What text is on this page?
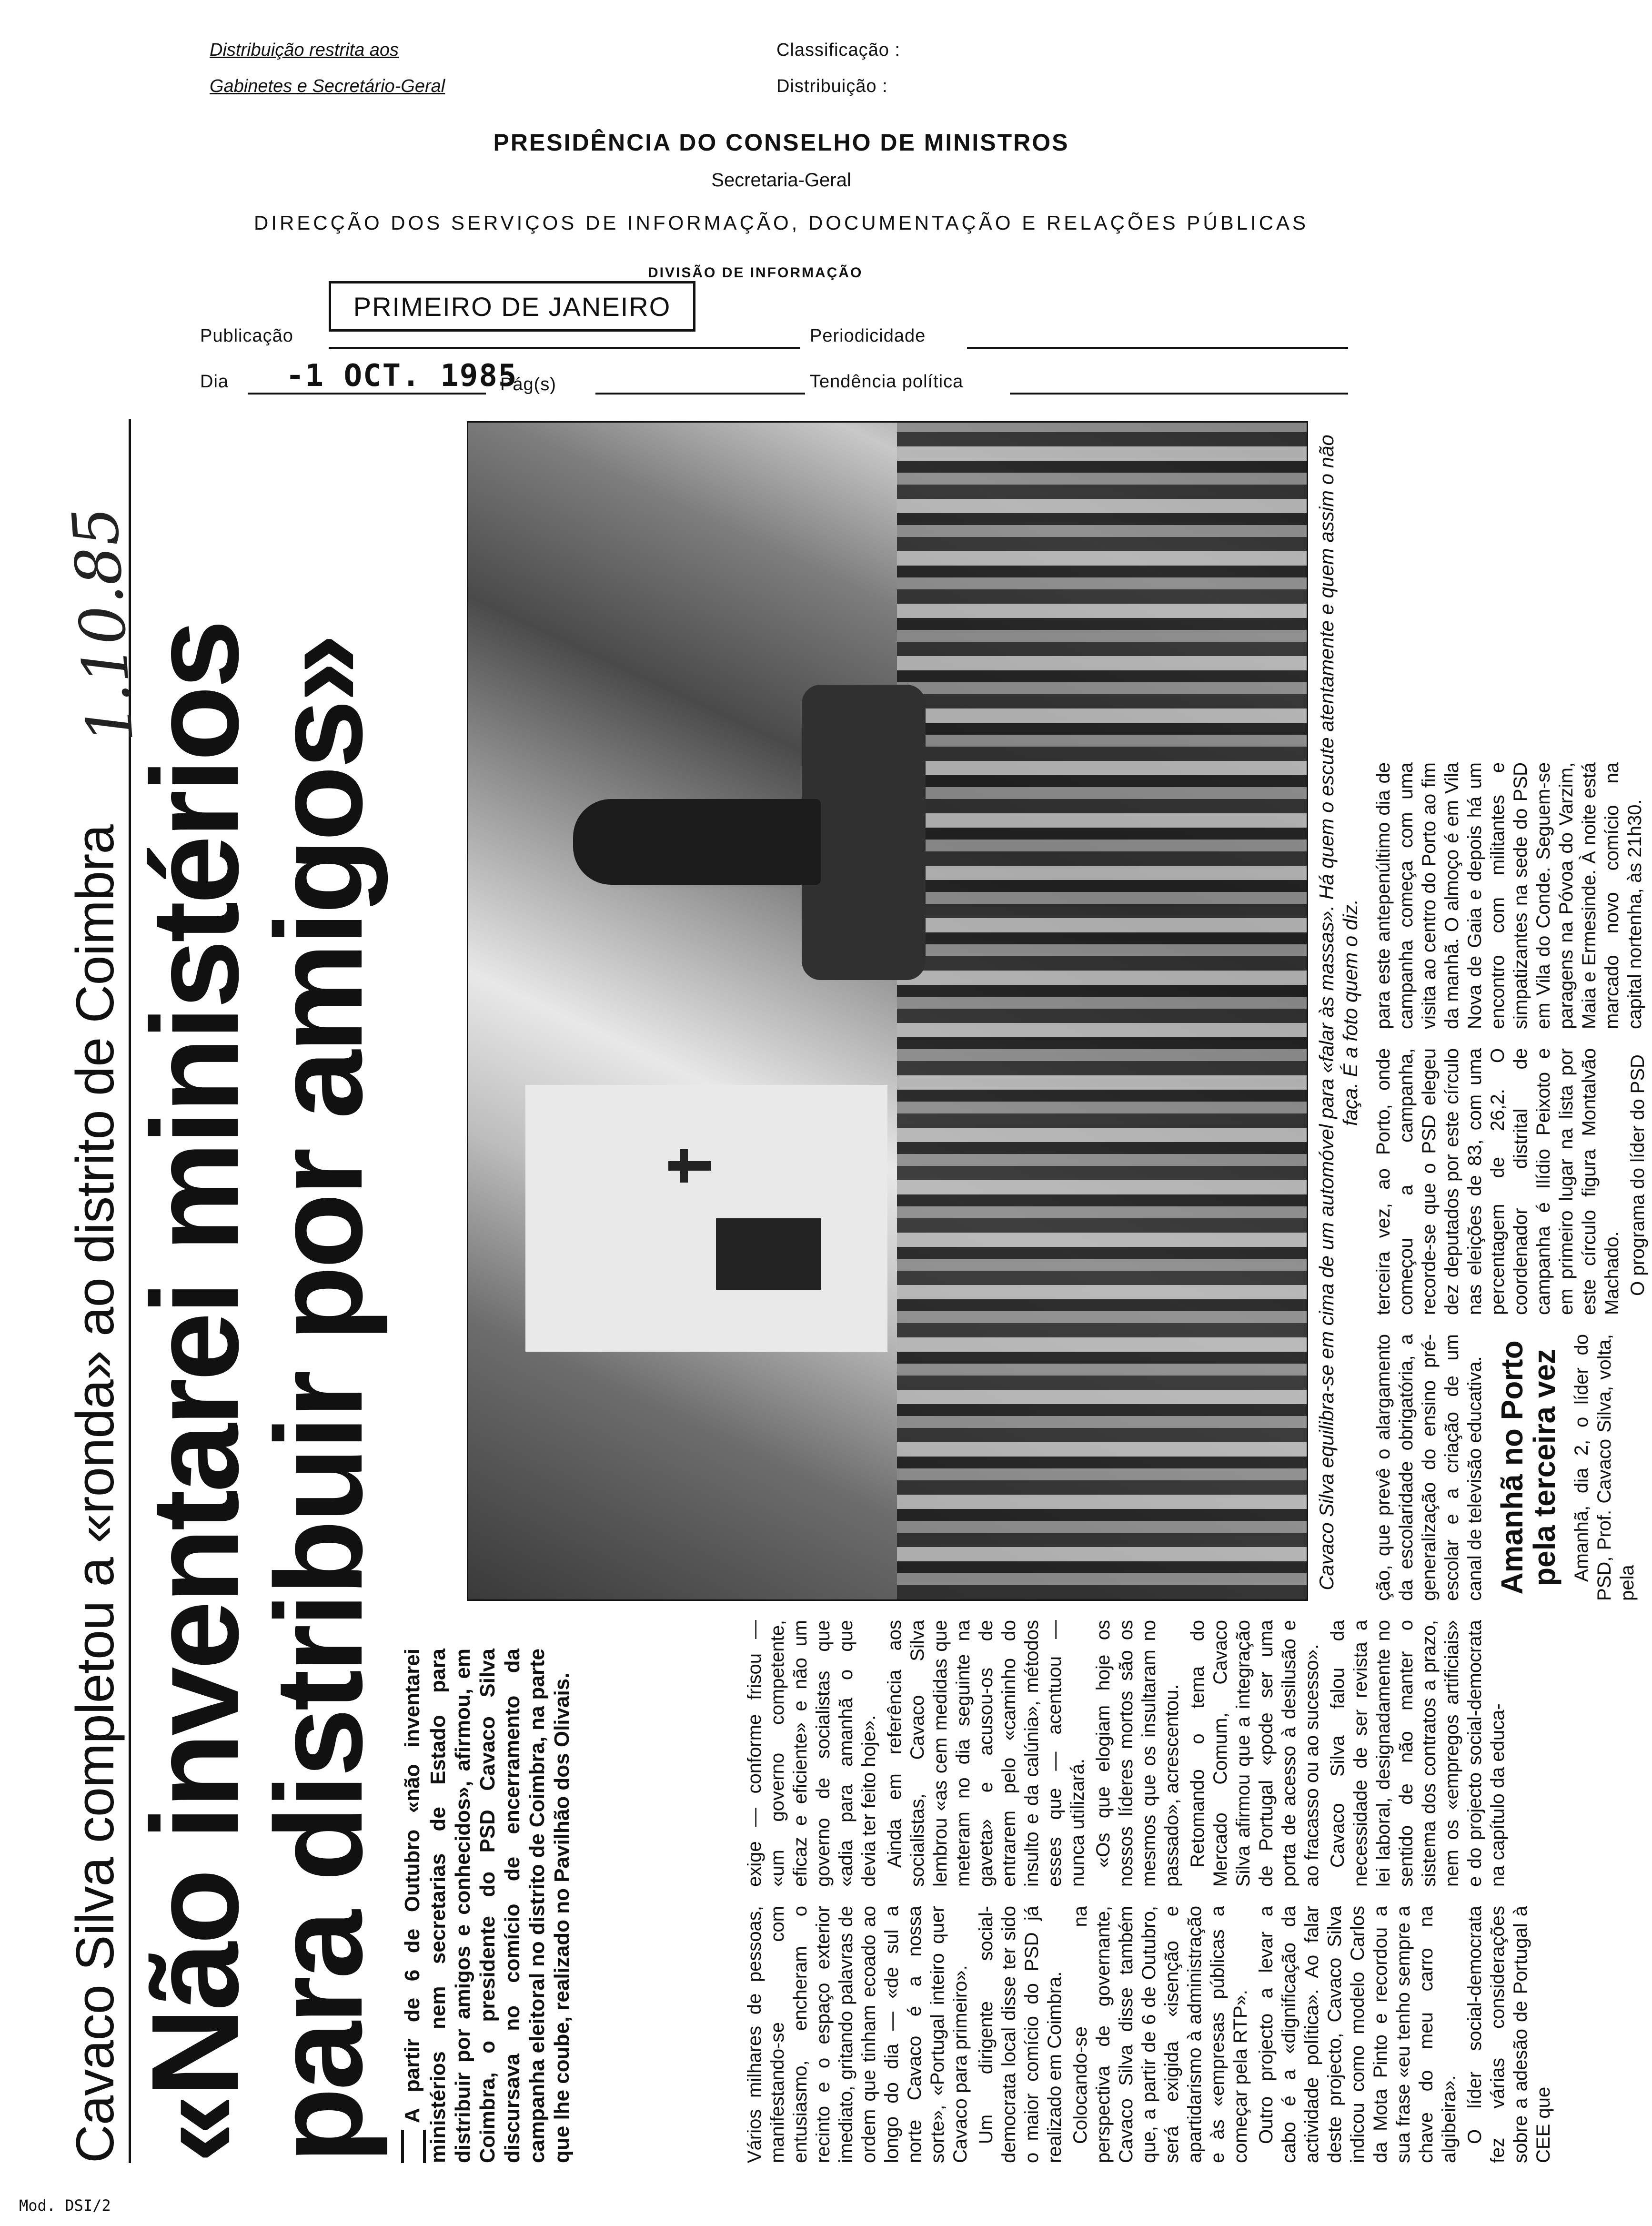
Distribuição restrita aos
Gabinetes e Secretário-Geral
Classificação :
Distribuição :
PRESIDÊNCIA DO CONSELHO DE MINISTROS
Secretaria-Geral
DIRECÇÃO DOS SERVIÇOS DE INFORMAÇÃO, DOCUMENTAÇÃO E RELAÇÕES PÚBLICAS
DIVISÃO DE INFORMAÇÃO
Publicação
PRIMEIRO DE JANEIRO
Periodicidade
Dia -1 OCT. 1985
Pág(s)	Tendência política
Cavaco Silva completou a «ronda» ao distrito de Coimbra
1.10.85
«Não inventarei ministérios
para distribuir por amigos» A partir de 6 de Outubro «não inventarei ministérios nem secretarias de Estado para distribuir por amigos e conhecidos», afirmou, em Coimbra, o presidente do PSD Cavaco Silva discursava no comício de encerramento da campanha eleitoral no distrito de Coimbra, na parte que lhe coube, realizado no Pavilhão dos Olivais.
Cavaco Silva equilibra-se em cima de um automóvel para «falar às massas». Há quem o escute atentamente e quem assim o não faça. É a foto quem o diz.

Vários milhares de pessoas, manifestando-se com entusiasmo, encheram o recinto e o espaço exterior imediato, gritando palavras de ordem que tinham ecoado ao longo do dia — «de sul a norte Cavaco é a nossa sorte», «Portugal inteiro quer Cavaco para primeiro». Um dirigente social-democrata local disse ter sido o maior comício do PSD já realizado em Coimbra. Colocando-se na perspectiva de governante, Cavaco Silva disse também que, a partir de 6 de Outubro, será exigida «isenção e apartidarismo à administração e às «empresas públicas a começar pela RTP». Outro projecto a levar a cabo é a «dignificação da actividade política». Ao falar deste projecto, Cavaco Silva indicou como modelo Carlos da Mota Pinto e recordou a sua frase «eu tenho sempre a chave do meu carro na algibeira». O líder social-democrata fez várias considerações sobre a adesão de Portugal à CEE que

exige — conforme frisou — «um governo competente, eficaz e eficiente» e não um governo de socialistas que «adia para amanhã o que devia ter feito hoje». Ainda em referência aos socialistas, Cavaco Silva lembrou «as cem medidas que meteram no dia seguinte na gaveta» e acusou-os de entrarem pelo «caminho do insulto e da calúnia», métodos esses que — acentuou — nunca utilizará. «Os que elogiam hoje os nossos líderes mortos são os mesmos que os insultaram no passado», acrescentou. Retomando o tema do Mercado Comum, Cavaco Silva afirmou que a integração de Portugal «pode ser uma porta de acesso à desilusão e ao fracasso ou ao sucesso». Cavaco Silva falou da necessidade de ser revista a lei laboral, designadamente no sentido de não manter o sistema dos contratos a prazo, nem os «empregos artificiais» e do projecto social-democrata na capítulo da educa-

ção, que prevê o alargamento da escolaridade obrigatória, a generalização do ensino pré-escolar e a criação de um canal de televisão educativa. Amanhã no Porto pela terceira vez Amanhã, dia 2, o líder do PSD, Prof. Cavaco Silva, volta, pela

terceira vez, ao Porto, onde começou a campanha, recorde-se que o PSD elegeu dez deputados por este círculo nas eleições de 83, com uma percentagem de 26,2. O coordenador distrital de campanha é Ilídio Peixoto e em primeiro lugar na lista por este círculo figura Montalvão Machado. O programa do líder do PSD

para este antepenúltimo dia de campanha começa com uma visita ao centro do Porto ao fim da manhã. O almoço é em Vila Nova de Gaia e depois há um encontro com militantes e simpatizantes na sede do PSD em Vila do Conde. Seguem-se paragens na Póvoa do Varzim, Maia e Ermesinde. À noite está marcado novo comício na capital nortenha, às 21h30.

Mod. DSI/2
